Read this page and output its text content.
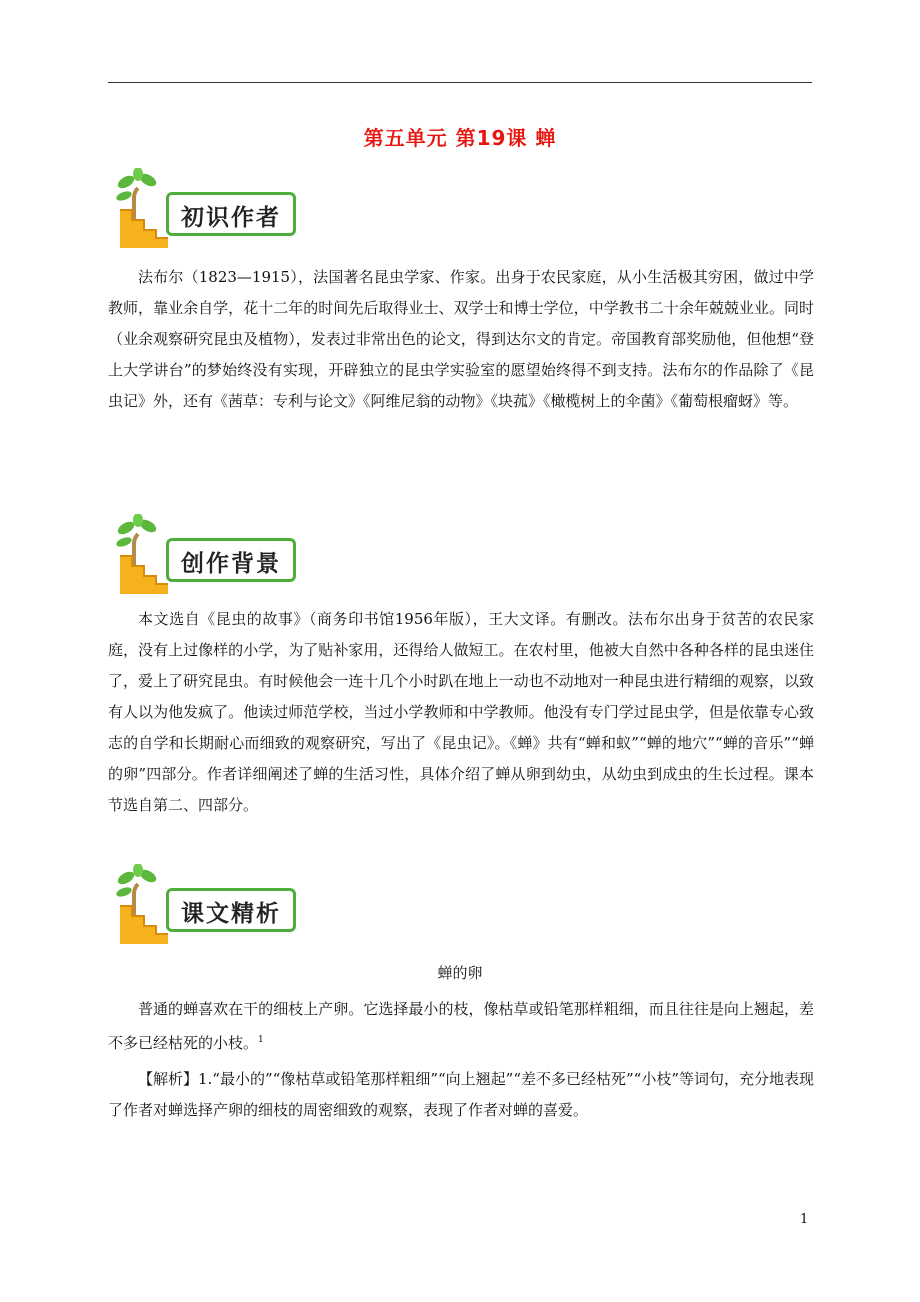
第五单元 第19课 蝉
初识作者

法布尔（1823—1915），法国著名昆虫学家、作家。出身于农民家庭，从小生活极其穷困，做过中学教师，靠业余自学，花十二年的时间先后取得业士、双学士和博士学位，中学教书二十余年兢兢业业。同时（业余观察研究昆虫及植物），发表过非常出色的论文，得到达尔文的肯定。帝国教育部奖励他，但他想“登上大学讲台”的梦始终没有实现，开辟独立的昆虫学实验室的愿望始终得不到支持。法布尔的作品除了《昆虫记》外，还有《茜草：专利与论文》《阿维尼翁的动物》《块菰》《橄榄树上的伞菌》《葡萄根瘤蚜》等。

创作背景

本文选自《昆虫的故事》（商务印书馆1956年版），王大文译。有删改。法布尔出身于贫苦的农民家庭，没有上过像样的小学，为了贴补家用，还得给人做短工。在农村里，他被大自然中各种各样的昆虫迷住了，爱上了研究昆虫。有时候他会一连十几个小时趴在地上一动也不动地对一种昆虫进行精细的观察，以致有人以为他发疯了。他读过师范学校，当过小学教师和中学教师。他没有专门学过昆虫学，但是依靠专心致志的自学和长期耐心而细致的观察研究，写出了《昆虫记》。《蝉》共有“蝉和蚁”“蝉的地穴”“蝉的音乐”“蝉的卵”四部分。作者详细阐述了蝉的生活习性，具体介绍了蝉从卵到幼虫，从幼虫到成虫的生长过程。课本节选自第二、四部分。

课文精析
蝉的卵

普通的蝉喜欢在干的细枝上产卵。它选择最小的枝，像枯草或铅笔那样粗细，而且往往是向上翘起，差不多已经枯死的小枝。$^1$

【解析】1.“最小的”“像枯草或铅笔那样粗细”“向上翘起”“差不多已经枯死”“小枝”等词句，充分地表现了作者对蝉选择产卵的细枝的周密细致的观察，表现了作者对蝉的喜爱。

1
